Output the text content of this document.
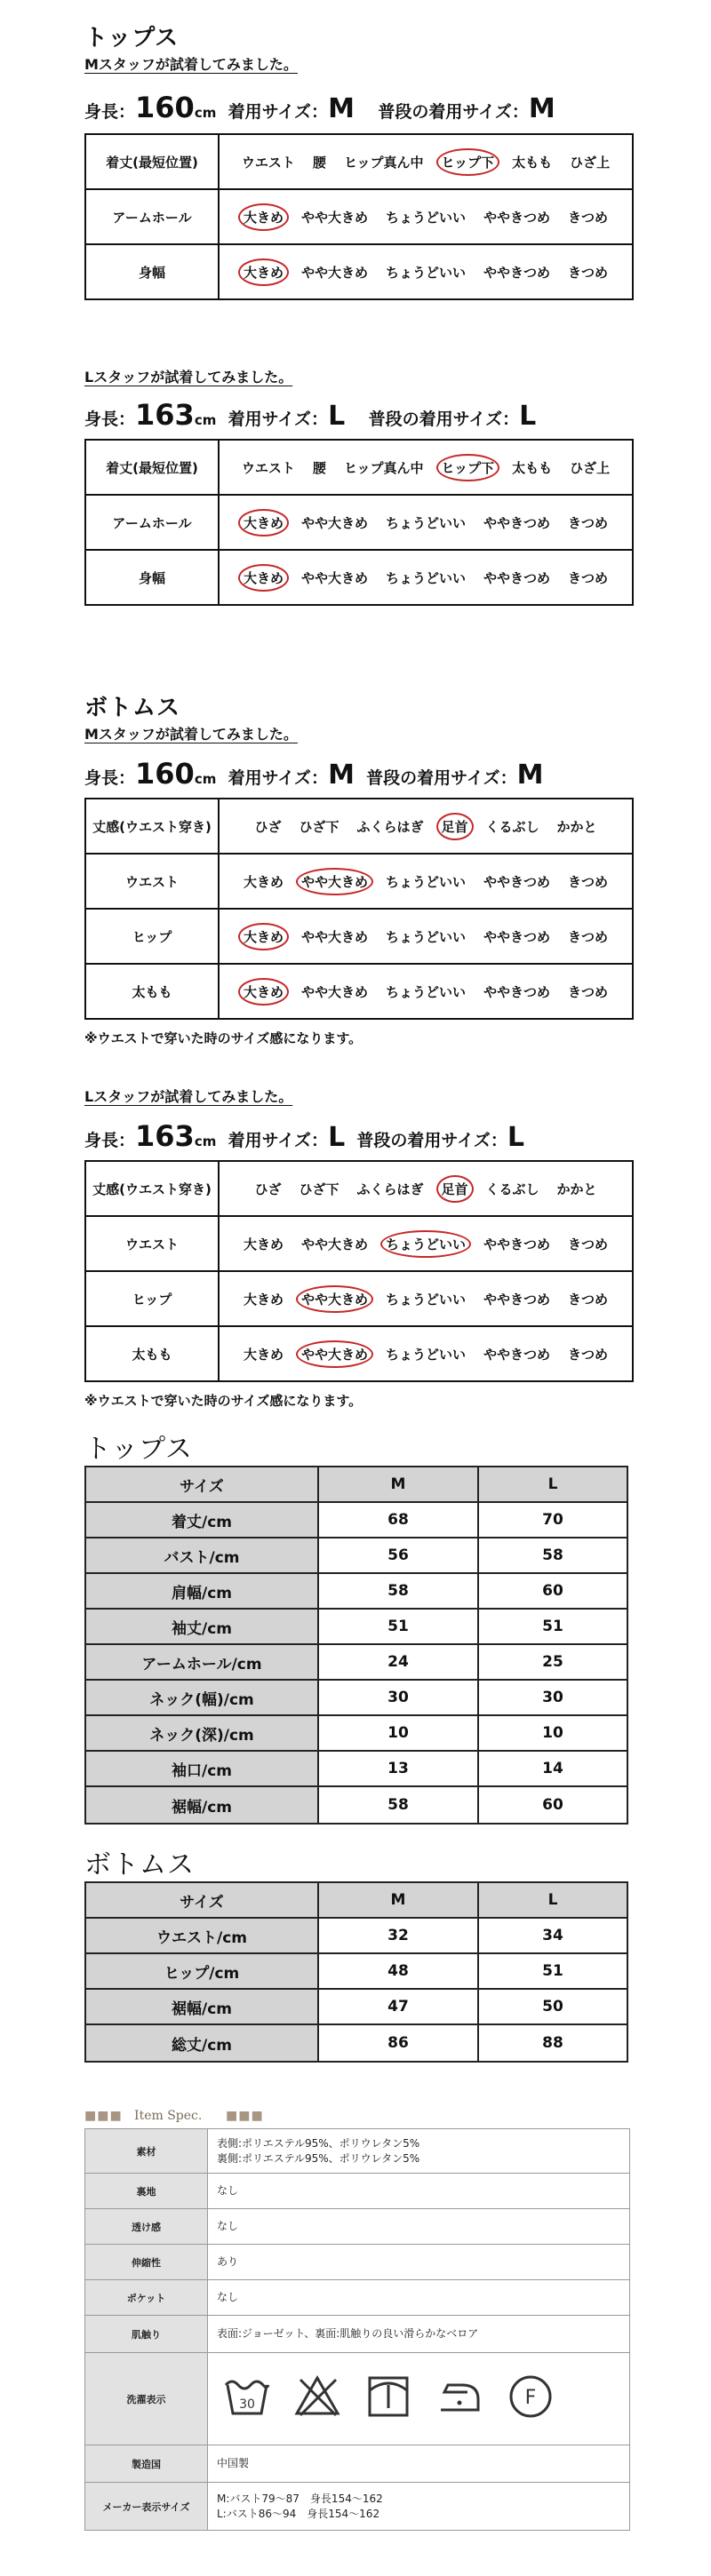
トップス
Mスタッフが試着してみました。
身長：160cm 着用サイズ：M 普段の着用サイズ：M
着丈(最短位置)	ウエスト 腰 ヒップ真ん中 ヒップ下 太もも ひざ上
アームホール	大きめ やや大きめ ちょうどいい ややきつめ きつめ
身幅	大きめ やや大きめ ちょうどいい ややきつめ きつめ
Lスタッフが試着してみました。
身長：163cm 着用サイズ：L 普段の着用サイズ：L
着丈(最短位置)	ウエスト 腰 ヒップ真ん中 ヒップ下 太もも ひざ上
アームホール	大きめ やや大きめ ちょうどいい ややきつめ きつめ
身幅	大きめ やや大きめ ちょうどいい ややきつめ きつめ
ボトムス
Mスタッフが試着してみました。
身長：160cm 着用サイズ：M 普段の着用サイズ：M
丈感(ウエスト穿き)	ひざ ひざ下 ふくらはぎ 足首 くるぶし かかと
ウエスト	大きめ やや大きめ ちょうどいい ややきつめ きつめ
ヒップ	大きめ やや大きめ ちょうどいい ややきつめ きつめ
太もも	大きめ やや大きめ ちょうどいい ややきつめ きつめ
※ウエストで穿いた時のサイズ感になります。
Lスタッフが試着してみました。
身長：163cm 着用サイズ：L 普段の着用サイズ：L
丈感(ウエスト穿き)	ひざ ひざ下 ふくらはぎ 足首 くるぶし かかと
ウエスト	大きめ やや大きめ ちょうどいい ややきつめ きつめ
ヒップ	大きめ やや大きめ ちょうどいい ややきつめ きつめ
太もも	大きめ やや大きめ ちょうどいい ややきつめ きつめ
※ウエストで穿いた時のサイズ感になります。
トップス
サイズ	M	L
着丈/cm	68	70
バスト/cm	56	58
肩幅/cm	58	60
袖丈/cm	51	51
アームホール/cm	24	25
ネック(幅)/cm	30	30
ネック(深)/cm	10	10
袖口/cm	13	14
裾幅/cm	58	60
ボトムス
サイズ	M	L
ウエスト/cm	32	34
ヒップ/cm	48	51
裾幅/cm	47	50
総丈/cm	86	88
■■■ Item Spec. ■■■
素材	表側:ポリエステル95%、ポリウレタン5%
裏側:ポリエステル95%、ポリウレタン5%

裏地	なし

透け感	なし

伸縮性	あり

ポケット	なし

肌触り	表面:ジョーゼット、裏面:肌触りの良い滑らかなベロア

洗濯表示	30 F

製造国	中国製

メーカー表示サイズ	M:バスト79〜87　身長154〜162
L:バスト86〜94　身長154〜162
